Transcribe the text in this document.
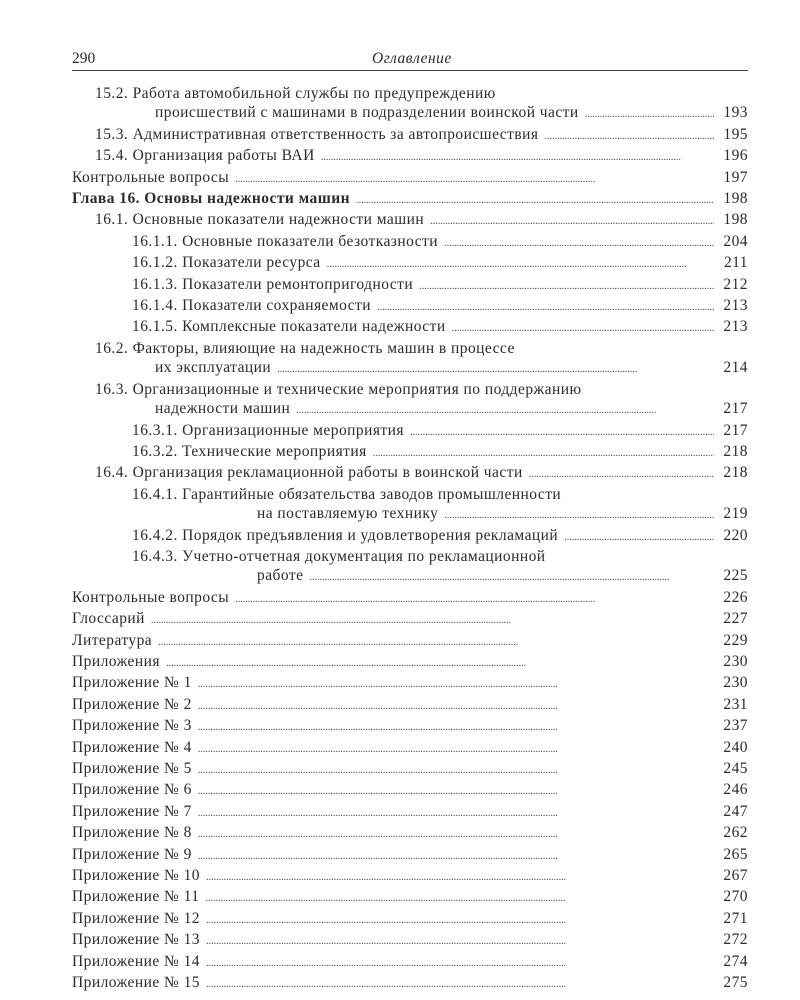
290	Оглавление
15.2. Работа автомобильной службы по предупреждению
происшествий с машинами в подразделении воинской части . . .	193
15.3. Административная ответственность за автопроисшествия . . .	195
15.4. Организация работы ВАИ . . .	196
Контрольные вопросы . . .	197
Глава 16. Основы надежности машин . . .	198
16.1. Основные показатели надежности машин . . .	198
16.1.1. Основные показатели безотказности . . .	204
16.1.2. Показатели ресурса . . .	211
16.1.3. Показатели ремонтопригодности . . .	212
16.1.4. Показатели сохраняемости . . .	213
16.1.5. Комплексные показатели надежности . . .	213
16.2. Факторы, влияющие на надежность машин в процессе
их эксплуатации . . .	214
16.3. Организационные и технические мероприятия по поддержанию
надежности машин . . .	217
16.3.1. Организационные мероприятия . . .	217
16.3.2. Технические мероприятия . . .	218
16.4. Организация рекламационной работы в воинской части . . .	218
16.4.1. Гарантийные обязательства заводов промышленности
на поставляемую технику . . .	219
16.4.2. Порядок предъявления и удовлетворения рекламаций . . .	220
16.4.3. Учетно-отчетная документация по рекламационной
работе . . .	225
Контрольные вопросы . . .	226
Глоссарий . . .	227
Литература . . .	229
Приложения . . .	230
Приложение № 1 . . .	230
Приложение № 2 . . .	231
Приложение № 3 . . .	237
Приложение № 4 . . .	240
Приложение № 5 . . .	245
Приложение № 6 . . .	246
Приложение № 7 . . .	247
Приложение № 8 . . .	262
Приложение № 9 . . .	265
Приложение № 10 . . .	267
Приложение № 11 . . .	270
Приложение № 12 . . .	271
Приложение № 13 . . .	272
Приложение № 14 . . .	274
Приложение № 15 . . .	275
